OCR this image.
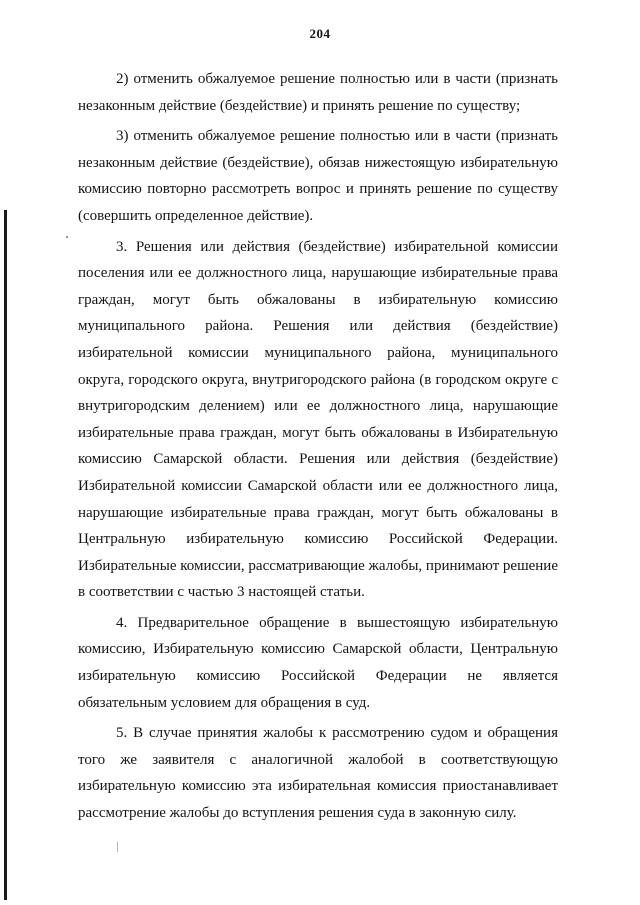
204

2) отменить обжалуемое решение полностью или в части (признать незаконным действие (бездействие) и принять решение по существу;

3) отменить обжалуемое решение полностью или в части (признать незаконным действие (бездействие), обязав нижестоящую избирательную комиссию повторно рассмотреть вопрос и принять решение по существу (совершить определенное действие).

3. Решения или действия (бездействие) избирательной комиссии поселения или ее должностного лица, нарушающие избирательные права граждан, могут быть обжалованы в избирательную комиссию муниципального района. Решения или действия (бездействие) избирательной комиссии муниципального района, муниципального округа, городского округа, внутригородского района (в городском округе с внутригородским делением) или ее должностного лица, нарушающие избирательные права граждан, могут быть обжалованы в Избирательную комиссию Самарской области. Решения или действия (бездействие) Избирательной комиссии Самарской области или ее должностного лица, нарушающие избирательные права граждан, могут быть обжалованы в Центральную избирательную комиссию Российской Федерации. Избирательные комиссии, рассматривающие жалобы, принимают решение в соответствии с частью 3 настоящей статьи.

4. Предварительное обращение в вышестоящую избирательную комиссию, Избирательную комиссию Самарской области, Центральную избирательную комиссию Российской Федерации не является обязательным условием для обращения в суд.

5. В случае принятия жалобы к рассмотрению судом и обращения того же заявителя с аналогичной жалобой в соответствующую избирательную комиссию эта избирательная комиссия приостанавливает рассмотрение жалобы до вступления решения суда в законную силу.
